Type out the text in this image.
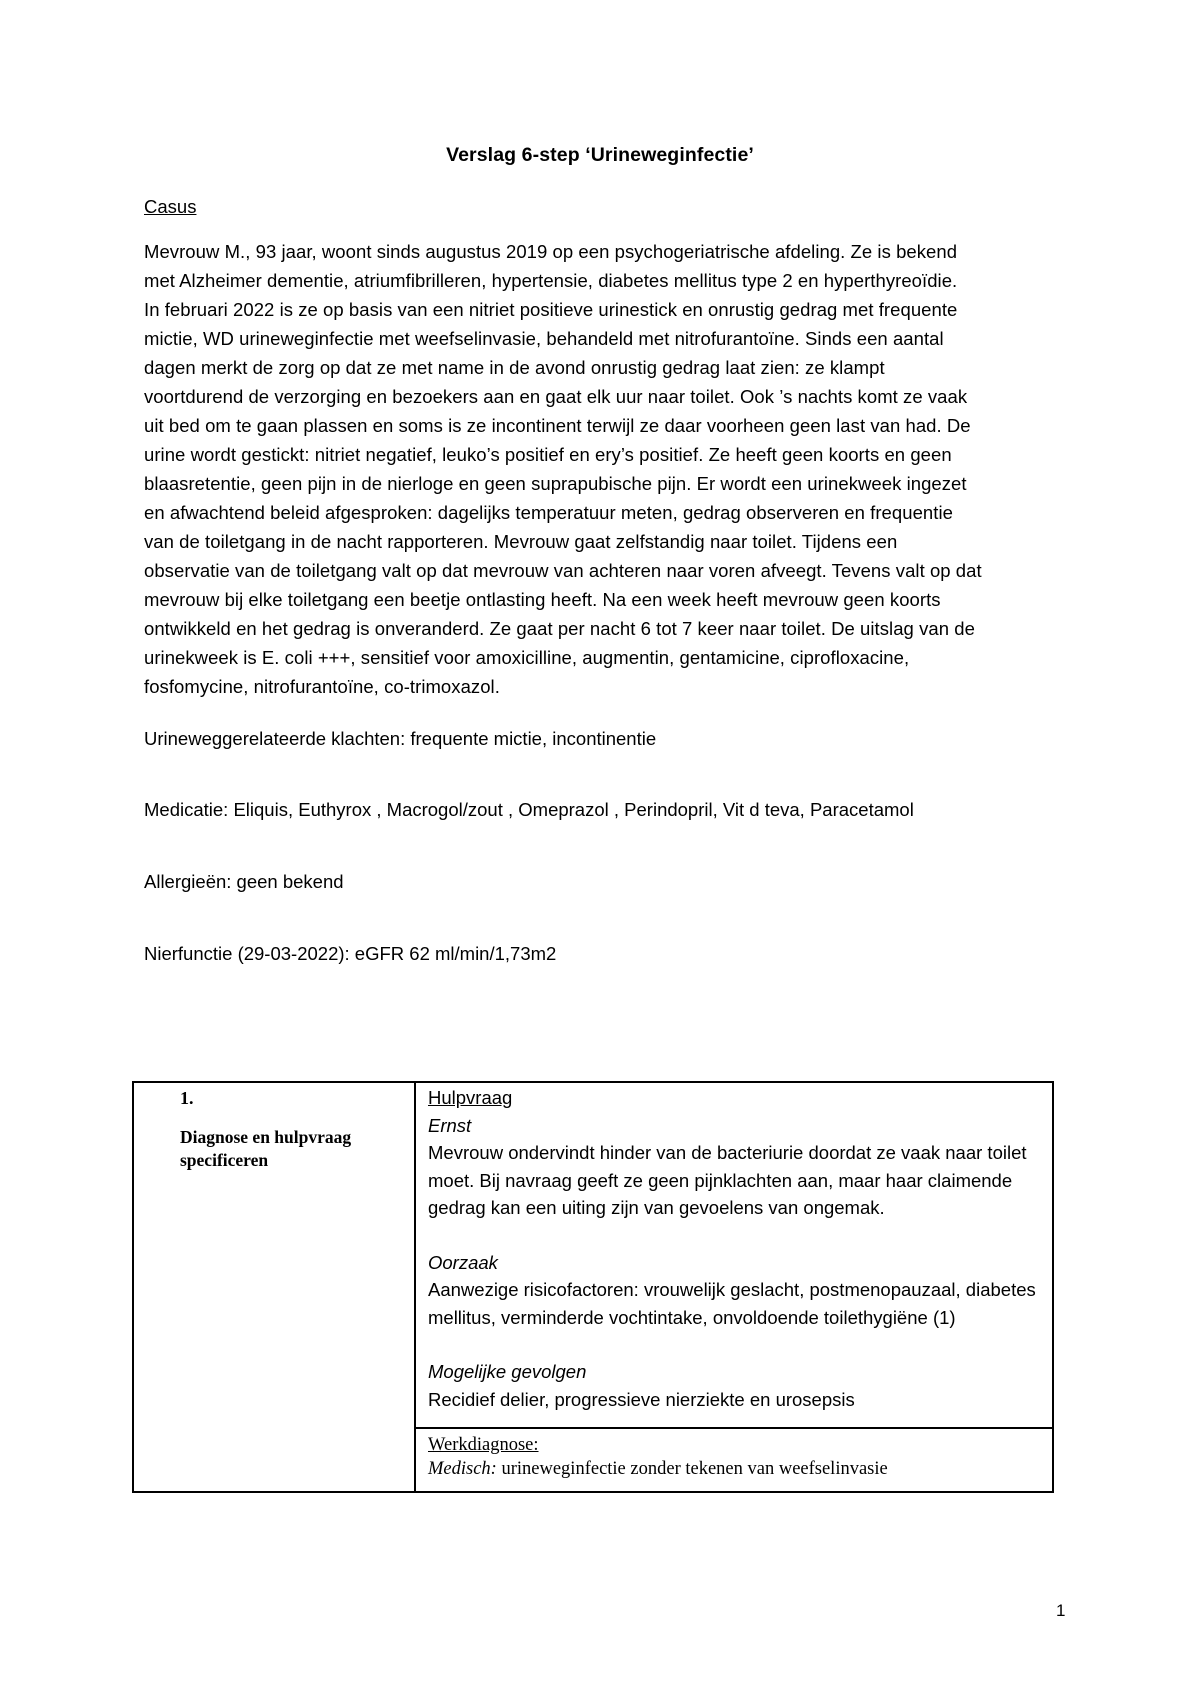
Verslag 6-step ‘Urineweginfectie’
Casus
Mevrouw M., 93 jaar, woont sinds augustus 2019 op een psychogeriatrische afdeling. Ze is bekend
met Alzheimer dementie, atriumfibrilleren, hypertensie, diabetes mellitus type 2 en hyperthyreoïdie.
In februari 2022 is ze op basis van een nitriet positieve urinestick en onrustig gedrag met frequente
mictie, WD urineweginfectie met weefselinvasie, behandeld met nitrofurantoïne. Sinds een aantal
dagen merkt de zorg op dat ze met name in de avond onrustig gedrag laat zien: ze klampt
voortdurend de verzorging en bezoekers aan en gaat elk uur naar toilet. Ook ’s nachts komt ze vaak
uit bed om te gaan plassen en soms is ze incontinent terwijl ze daar voorheen geen last van had. De
urine wordt gestickt: nitriet negatief, leuko’s positief en ery’s positief. Ze heeft geen koorts en geen
blaasretentie, geen pijn in de nierloge en geen suprapubische pijn. Er wordt een urinekweek ingezet
en afwachtend beleid afgesproken: dagelijks temperatuur meten, gedrag observeren en frequentie
van de toiletgang in de nacht rapporteren. Mevrouw gaat zelfstandig naar toilet. Tijdens een
observatie van de toiletgang valt op dat mevrouw van achteren naar voren afveegt. Tevens valt op dat
mevrouw bij elke toiletgang een beetje ontlasting heeft. Na een week heeft mevrouw geen koorts
ontwikkeld en het gedrag is onveranderd. Ze gaat per nacht 6 tot 7 keer naar toilet. De uitslag van de
urinekweek is E. coli +++, sensitief voor amoxicilline, augmentin, gentamicine, ciprofloxacine,
fosfomycine, nitrofurantoïne, co-trimoxazol.
Urineweggerelateerde klachten: frequente mictie, incontinentie
Medicatie: Eliquis, Euthyrox , Macrogol/zout , Omeprazol , Perindopril, Vit d teva, Paracetamol
Allergieën: geen bekend
Nierfunctie (29-03-2022): eGFR 62 ml/min/1,73m2
1.
Diagnose en hulpvraag specificeren

Hulpvraag
Ernst
Mevrouw ondervindt hinder van de bacteriurie doordat ze vaak naar toilet moet. Bij navraag geeft ze geen pijnklachten aan, maar haar claimende gedrag kan een uiting zijn van gevoelens van ongemak.
Oorzaak
Aanwezige risicofactoren: vrouwelijk geslacht, postmenopauzaal, diabetes mellitus, verminderde vochtintake, onvoldoende toilethygiëne (1)
Mogelijke gevolgen
Recidief delier, progressieve nierziekte en urosepsis

Werkdiagnose:
Medisch: urineweginfectie zonder tekenen van weefselinvasie
1
